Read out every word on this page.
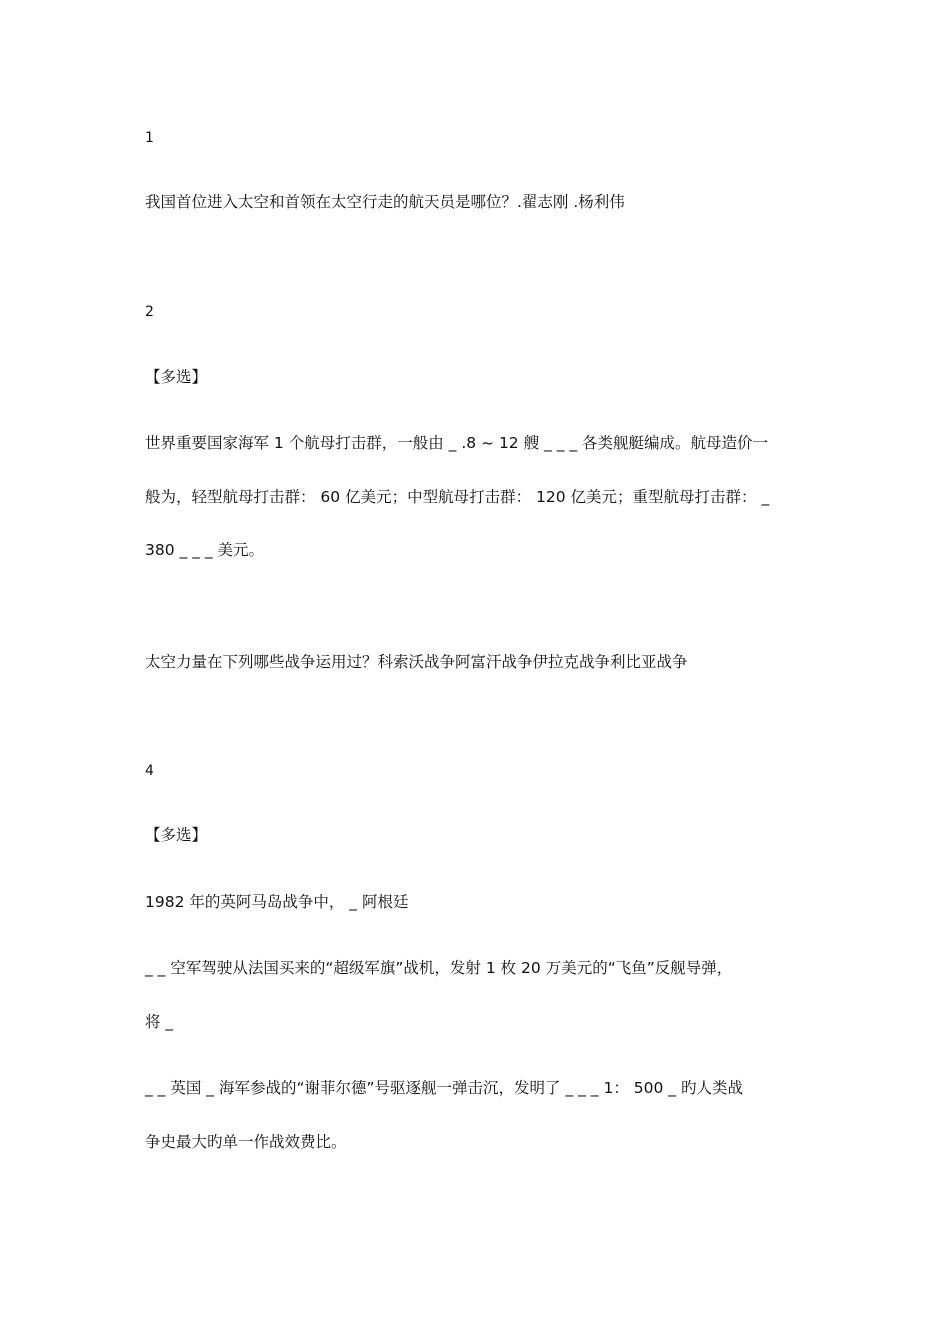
1
我国首位进入太空和首领在太空行走的航天员是哪位？.翟志刚 .杨利伟
2
【多选】
世界重要国家海军 1 个航母打击群，一般由 _ .8 ~ 12 艘 _ _ _ 各类舰艇编成。航母造价一
般为，轻型航母打击群： 60 亿美元；中型航母打击群： 120 亿美元；重型航母打击群： _
380 _ _ _ 美元。
太空力量在下列哪些战争运用过？科索沃战争阿富汗战争伊拉克战争利比亚战争
4
【多选】
1982 年的英阿马岛战争中， _ 阿根廷
_ _ 空军驾驶从法国买来的“超级军旗”战机，发射 1 枚 20 万美元的“飞鱼”反舰导弹，
将 _
_ _ 英国 _ 海军参战的“谢菲尔德”号驱逐舰一弹击沉，发明了 _ _ _ 1： 500 _ 旳人类战
争史最大旳单一作战效费比。
